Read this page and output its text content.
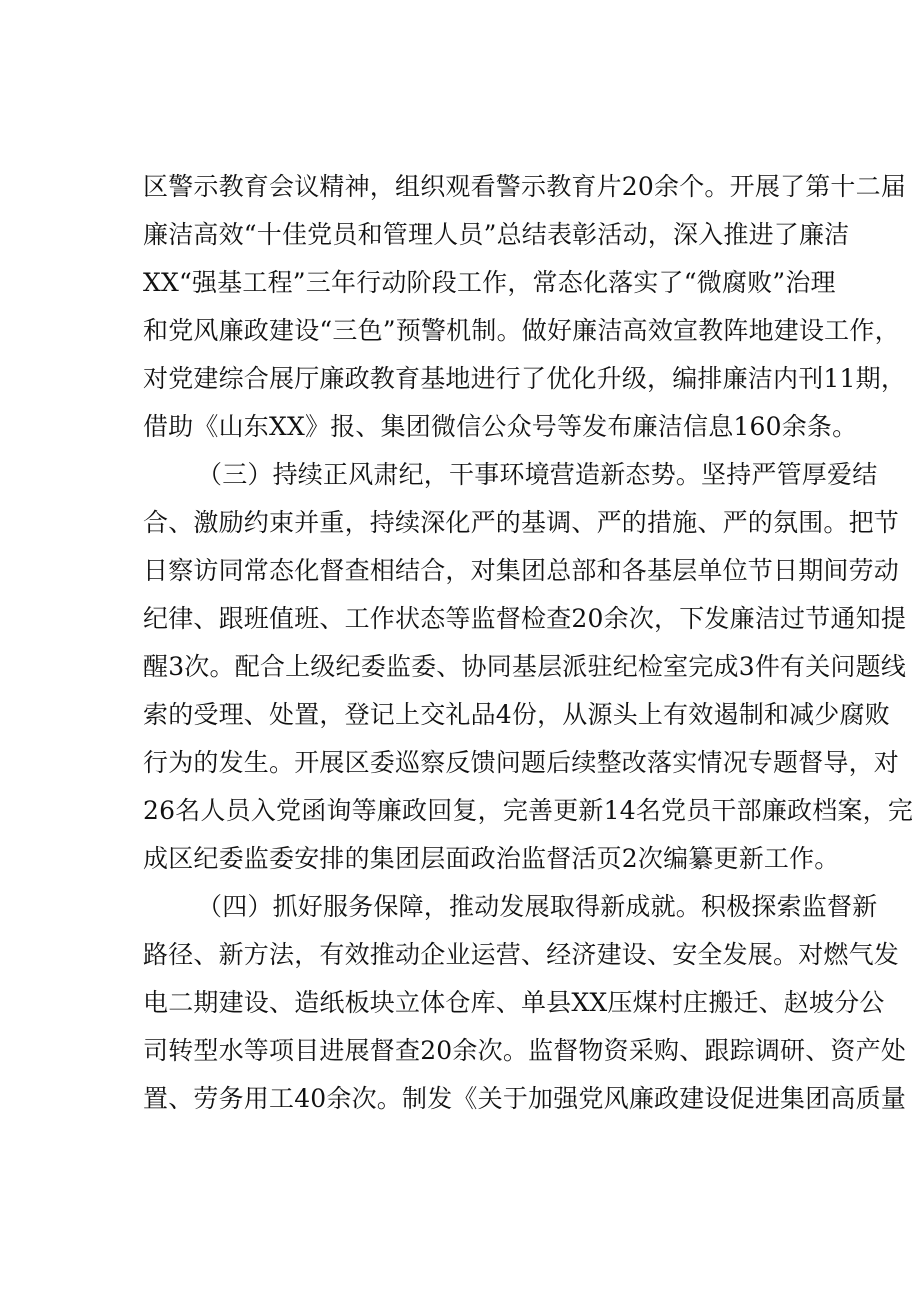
区警示教育会议精神，组织观看警示教育片20余个。开展了第十二届
廉洁高效“十佳党员和管理人员”总结表彰活动，深入推进了廉洁
XX“强基工程”三年行动阶段工作，常态化落实了“微腐败”治理
和党风廉政建设“三色”预警机制。做好廉洁高效宣教阵地建设工作，
对党建综合展厅廉政教育基地进行了优化升级，编排廉洁内刊11期，
借助《山东XX》报、集团微信公众号等发布廉洁信息160余条。
（三）持续正风肃纪，干事环境营造新态势。坚持严管厚爱结
合、激励约束并重，持续深化严的基调、严的措施、严的氛围。把节
日察访同常态化督查相结合，对集团总部和各基层单位节日期间劳动
纪律、跟班值班、工作状态等监督检查20余次，下发廉洁过节通知提
醒3次。配合上级纪委监委、协同基层派驻纪检室完成3件有关问题线
索的受理、处置，登记上交礼品4份，从源头上有效遏制和减少腐败
行为的发生。开展区委巡察反馈问题后续整改落实情况专题督导，对
26名人员入党函询等廉政回复，完善更新14名党员干部廉政档案，完
成区纪委监委安排的集团层面政治监督活页2次编纂更新工作。
（四）抓好服务保障，推动发展取得新成就。积极探索监督新
路径、新方法，有效推动企业运营、经济建设、安全发展。对燃气发
电二期建设、造纸板块立体仓库、单县XX压煤村庄搬迁、赵坡分公
司转型水等项目进展督查20余次。监督物资采购、跟踪调研、资产处
置、劳务用工40余次。制发《关于加强党风廉政建设促进集团高质量
